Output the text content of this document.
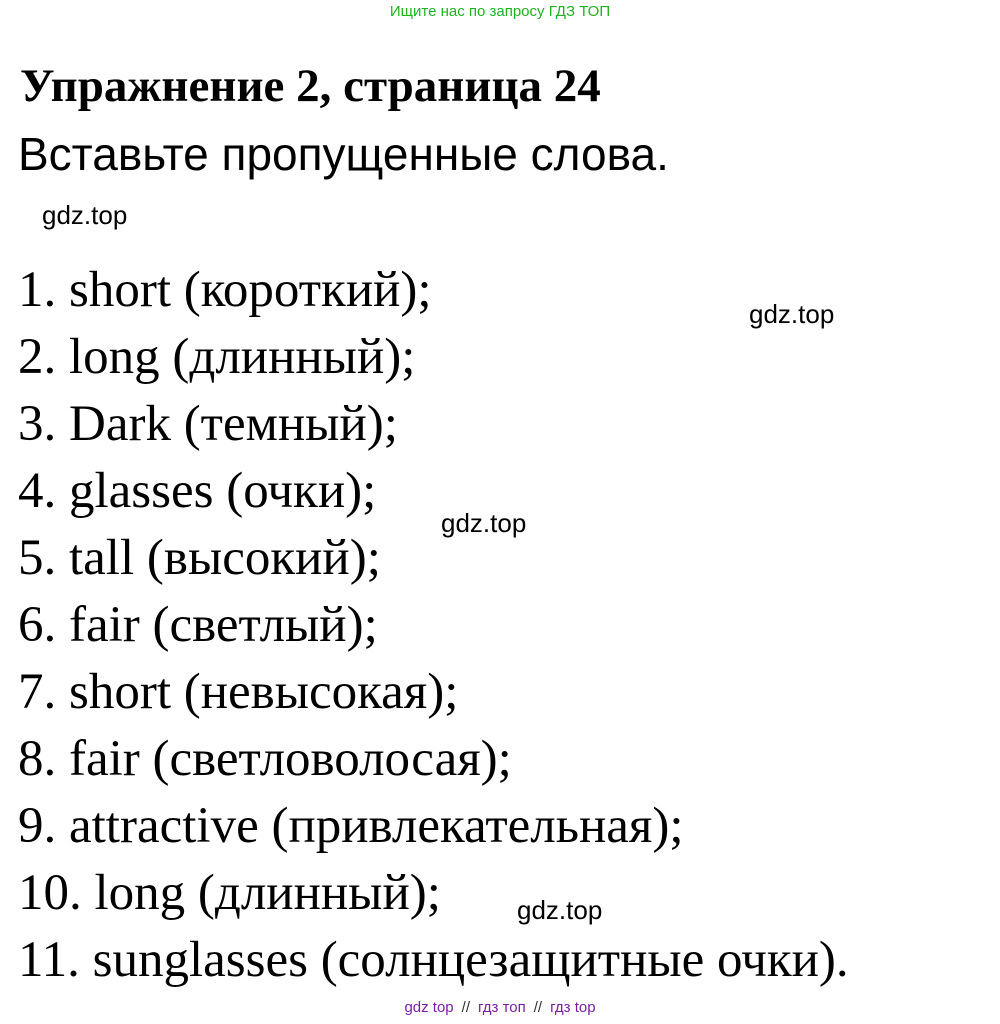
Ищите нас по запросу ГДЗ ТОП
Упражнение 2, страница 24

Вставьте пропущенные слова.

gdz.top
gdz.top
gdz.top
gdz.top
1. short (короткий);
2. long (длинный);
3. Dark (темный);
4. glasses (очки);
5. tall (высокий);
6. fair (светлый);
7. short (невысокая);
8. fair (светловолосая);
9. attractive (привлекательная);
10. long (длинный);
11. sunglasses (солнцезащитные очки).
gdz top // гдз топ // гдз top
